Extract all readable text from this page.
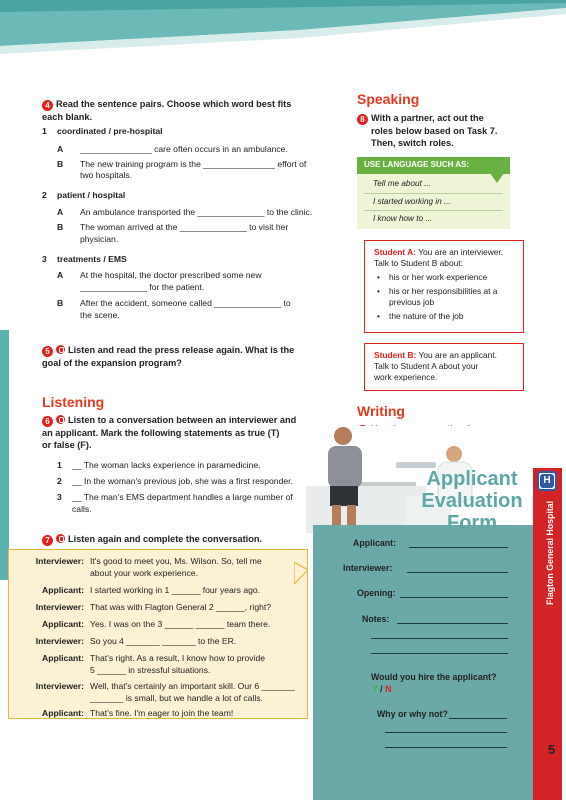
4 Read the sentence pairs. Choose which word best fits
each blank.
1 coordinated / pre-hospital
A _______________ care often occurs in an ambulance.
B The new training program is the _______________ effort of
two hospitals.
2 patient / hospital
A An ambulance transported the ______________ to the clinic.
B The woman arrived at the ______________ to visit her
physician.
3 treatments / EMS
A At the hospital, the doctor prescribed some new
______________ for the patient.
B After the accident, someone called ______________ to
the scene.
5 Listen and read the press release again. What is the
goal of the expansion program?
Listening
6 Listen to a conversation between an interviewer and
an applicant. Mark the following statements as true (T)
or false (F).
1 __ The woman lacks experience in paramedicine.
2 __ In the woman's previous job, she was a first responder.
3 __ The man's EMS department handles a large number of
calls.
7 Listen again and complete the conversation.
Interviewer: It's good to meet you, Ms. Wilson. So, tell me
about your work experience.
Applicant: I started working in 1 ______ four years ago.
Interviewer: That was with Flagton General 2 ______, right?
Applicant: Yes. I was on the 3 ______ ______ team there.
Interviewer: So you 4 _______ _______ to the ER.
Applicant: That's right. As a result, I know how to provide
5 ______ in stressful situations.
Interviewer: Well, that's certainly an important skill. Our 6 _______
_______ is small, but we handle a lot of calls.
Applicant: That's fine. I'm eager to join the team!
Speaking
8 With a partner, act out the
roles below based on Task 7.
Then, switch roles.
USE LANGUAGE SUCH AS:
Tell me about ...
I started working in ...
I know how to ...
Student A: You are an interviewer.
Talk to Student B about:
• his or her work experience
• his or her responsibilities at a
previous job
• the nature of the job
Student B: You are an applicant.
Talk to Student A about your
work experience.
Writing

Applicant:
Interviewer:
Opening:
Notes:
Would you hire the applicant?
Y / N
Why or why not?
Applicant
Evaluation
Form
H
Flagton General Hospital
5
